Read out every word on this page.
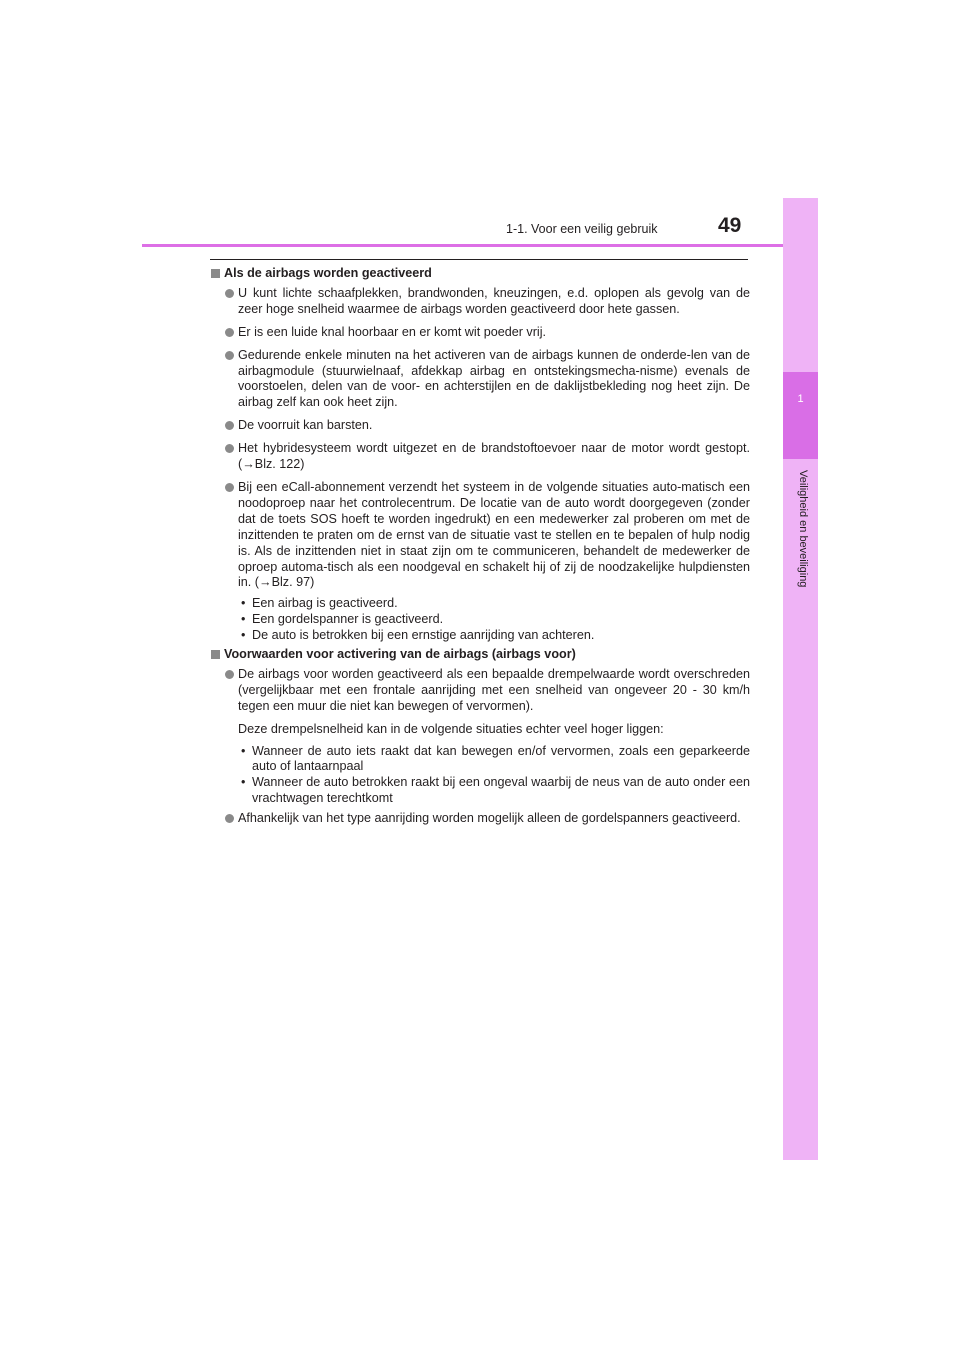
1-1. Voor een veilig gebruik	49
1
Veiligheid en beveiliging
Als de airbags worden geactiveerd
U kunt lichte schaafplekken, brandwonden, kneuzingen, e.d. oplopen als gevolg van de zeer hoge snelheid waarmee de airbags worden geactiveerd door hete gassen.
Er is een luide knal hoorbaar en er komt wit poeder vrij.
Gedurende enkele minuten na het activeren van de airbags kunnen de onderde-len van de airbagmodule (stuurwielnaaf, afdekkap airbag en ontstekingsmecha-nisme) evenals de voorstoelen, delen van de voor- en achterstijlen en de daklijstbekleding nog heet zijn. De airbag zelf kan ook heet zijn.
De voorruit kan barsten.
Het hybridesysteem wordt uitgezet en de brandstoftoevoer naar de motor wordt gestopt. (→Blz. 122)
Bij een eCall-abonnement verzendt het systeem in de volgende situaties auto-matisch een noodoproep naar het controlecentrum. De locatie van de auto wordt doorgegeven (zonder dat de toets SOS hoeft te worden ingedrukt) en een medewerker zal proberen om met de inzittenden te praten om de ernst van de situatie vast te stellen en te bepalen of hulp nodig is. Als de inzittenden niet in staat zijn om te communiceren, behandelt de medewerker de oproep automa-tisch als een noodgeval en schakelt hij of zij de noodzakelijke hulpdiensten in. (→Blz. 97)
• Een airbag is geactiveerd.
• Een gordelspanner is geactiveerd.
• De auto is betrokken bij een ernstige aanrijding van achteren.
Voorwaarden voor activering van de airbags (airbags voor)
De airbags voor worden geactiveerd als een bepaalde drempelwaarde wordt overschreden (vergelijkbaar met een frontale aanrijding met een snelheid van ongeveer 20 - 30 km/h tegen een muur die niet kan bewegen of vervormen).
Deze drempelsnelheid kan in de volgende situaties echter veel hoger liggen:
• Wanneer de auto iets raakt dat kan bewegen en/of vervormen, zoals een geparkeerde auto of lantaarnpaal
• Wanneer de auto betrokken raakt bij een ongeval waarbij de neus van de auto onder een vrachtwagen terechtkomt
Afhankelijk van het type aanrijding worden mogelijk alleen de gordelspanners geactiveerd.
